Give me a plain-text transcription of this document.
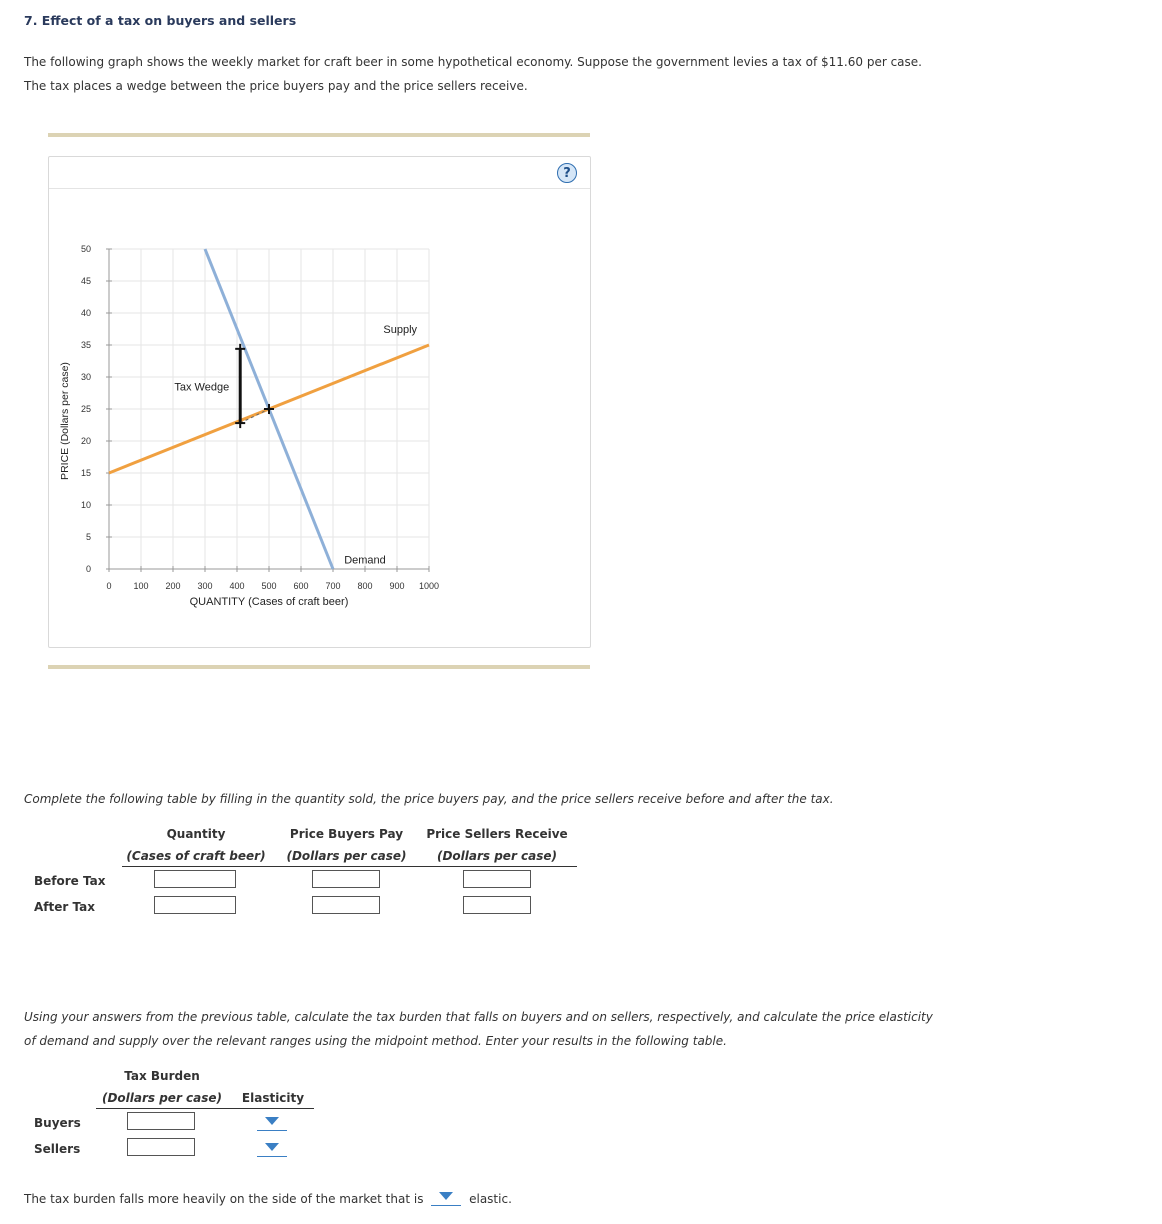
7. Effect of a tax on buyers and sellers
The following graph shows the weekly market for craft beer in some hypothetical economy. Suppose the government levies a tax of $11.60 per case.
The tax places a wedge between the price buyers pay and the price sellers receive.
?
0 100 200 300 400 500 600 700 800 900 1000
0
5
10
15
20
25
30
35
40
45
50
QUANTITY (Cases of craft beer)
PRICE (Dollars per case)
Supply
Demand
Tax Wedge
Complete the following table by filling in the quantity sold, the price buyers pay, and the price sellers receive before and after the tax.
Quantity	Price Buyers Pay	Price Sellers Receive
(Cases of craft beer)	(Dollars per case)	(Dollars per case)
Before Tax
After Tax
Using your answers from the previous table, calculate the tax burden that falls on buyers and on sellers, respectively, and calculate the price elasticity
of demand and supply over the relevant ranges using the midpoint method. Enter your results in the following table.
Tax Burden
(Dollars per case)	Elasticity
Buyers
Sellers
The tax burden falls more heavily on the side of the market that is	elastic.
